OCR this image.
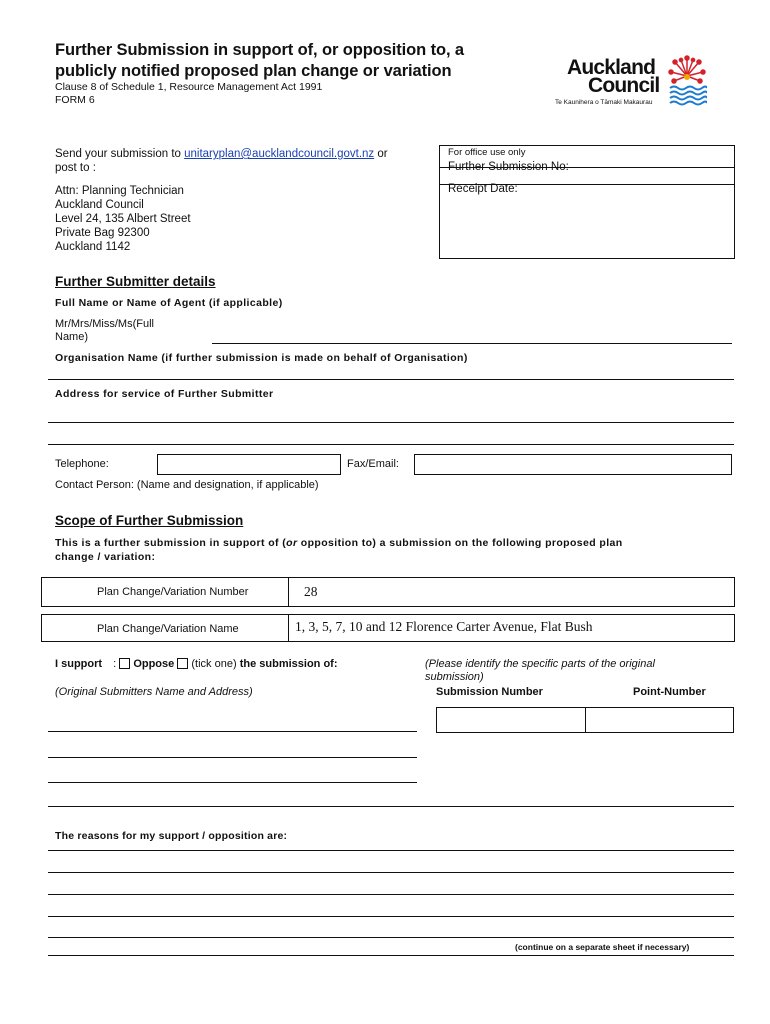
Further Submission in support of, or opposition to, a
publicly notified proposed plan change or variation
Clause 8 of Schedule 1, Resource Management Act 1991
FORM 6
Auckland
Council
Te Kaunihera o Tāmaki Makaurau
Send your submission to unitaryplan@aucklandcouncil.govt.nz or
post to :
Attn: Planning Technician
Auckland Council
Level 24, 135 Albert Street
Private Bag 92300
Auckland 1142
For office use only
Further Submission No:
Receipt Date:
Further Submitter details
Full Name or Name of Agent (if applicable)
Mr/Mrs/Miss/Ms(Full
Name)
Organisation Name (if further submission is made on behalf of Organisation)
Address for service of Further Submitter
Telephone:	Fax/Email:
Contact Person: (Name and designation, if applicable)
Scope of Further Submission
This is a further submission in support of (or opposition to) a submission on the following proposed plan
change / variation:
Plan Change/Variation Number	28
Plan Change/Variation Name	1, 3, 5, 7, 10 and 12 Florence Carter Avenue, Flat Bush
I support : Oppose (tick one) the submission of:	(Please identify the specific parts of the original
submission)
(Original Submitters Name and Address)	Submission Number	Point-Number
The reasons for my support / opposition are:
(continue on a separate sheet if necessary)
